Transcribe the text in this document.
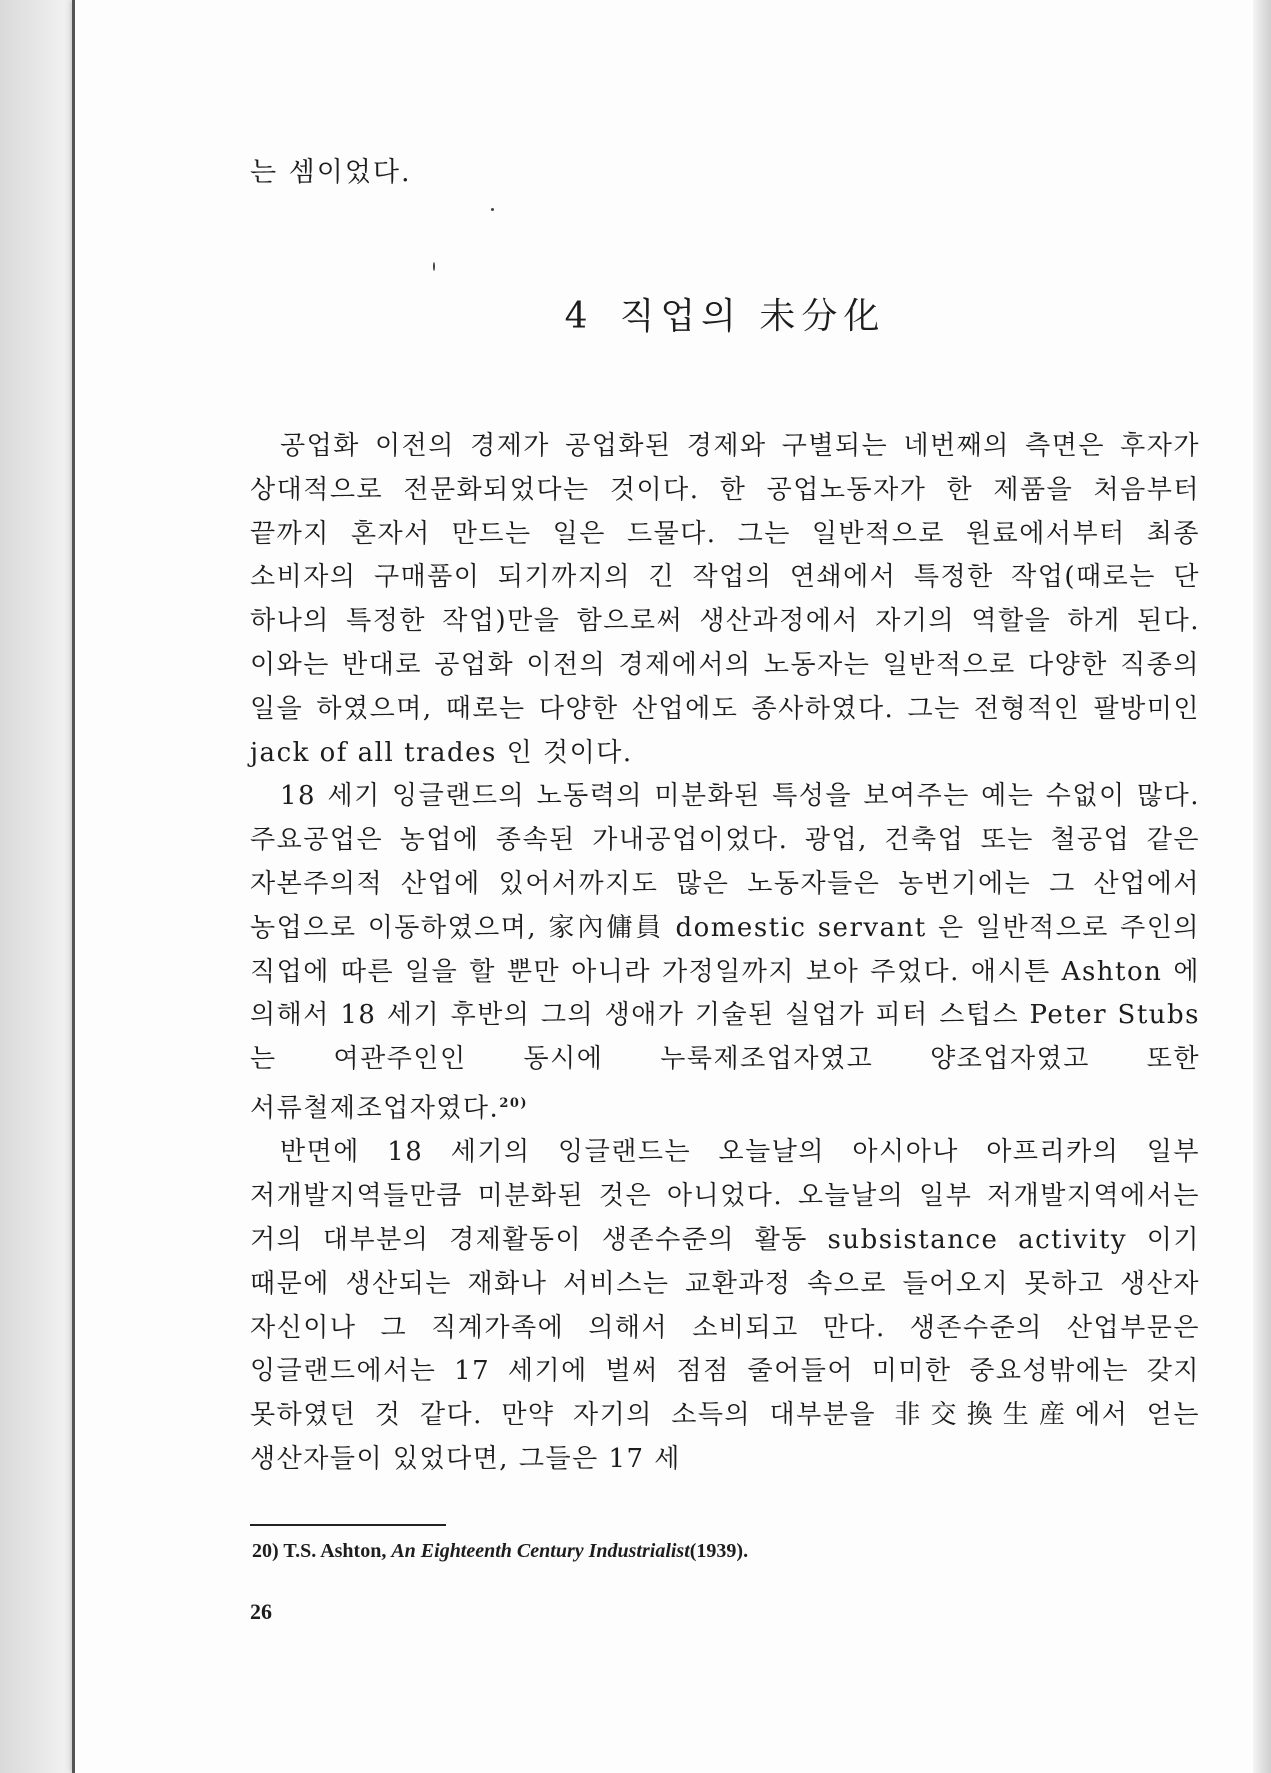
는 셈이었다.

4 직업의 未分化

공업화 이전의 경제가 공업화된 경제와 구별되는 네번째의 측면은 후자가 상대적으로 전문화되었다는 것이다. 한 공업노동자가 한 제품을 처음부터 끝까지 혼자서 만드는 일은 드물다. 그는 일반적으로 원료에서부터 최종 소비자의 구매품이 되기까지의 긴 작업의 연쇄에서 특정한 작업(때로는 단 하나의 특정한 작업)만을 함으로써 생산과정에서 자기의 역할을 하게 된다. 이와는 반대로 공업화 이전의 경제에서의 노동자는 일반적으로 다양한 직종의 일을 하였으며, 때로는 다양한 산업에도 종사하였다. 그는 전형적인 팔방미인 jack of all trades 인 것이다.

18 세기 잉글랜드의 노동력의 미분화된 특성을 보여주는 예는 수없이 많다. 주요공업은 농업에 종속된 가내공업이었다. 광업, 건축업 또는 철공업 같은 자본주의적 산업에 있어서까지도 많은 노동자들은 농번기에는 그 산업에서 농업으로 이동하였으며, 家內傭員 domestic servant 은 일반적으로 주인의 직업에 따른 일을 할 뿐만 아니라 가정일까지 보아 주었다. 애시튼 Ashton 에 의해서 18 세기 후반의 그의 생애가 기술된 실업가 피터 스텁스 Peter Stubs 는 여관주인인 동시에 누룩제조업자였고 양조업자였고 또한 서류철제조업자였다.$^{20)}$

반면에 18 세기의 잉글랜드는 오늘날의 아시아나 아프리카의 일부 저개발지역들만큼 미분화된 것은 아니었다. 오늘날의 일부 저개발지역에서는 거의 대부분의 경제활동이 생존수준의 활동 subsistance activity 이기 때문에 생산되는 재화나 서비스는 교환과정 속으로 들어오지 못하고 생산자 자신이나 그 직계가족에 의해서 소비되고 만다. 생존수준의 산업부문은 잉글랜드에서는 17 세기에 벌써 점점 줄어들어 미미한 중요성밖에는 갖지 못하였던 것 같다. 만약 자기의 소득의 대부분을 非交換生産에서 얻는 생산자들이 있었다면, 그들은 17 세

20) T.S. Ashton, An Eighteenth Century Industrialist(1939).
26
